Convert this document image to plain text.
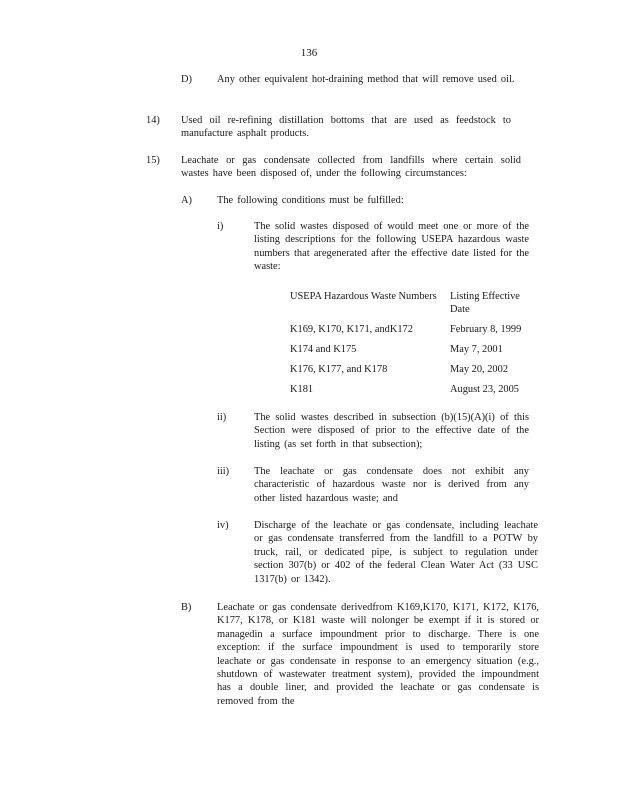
136
D) Any other equivalent hot-draining method that will remove used oil.
14) Used oil re-refining distillation bottoms that are used as feedstock to manufacture asphalt products.
15) Leachate or gas condensate collected from landfills where certain solid wastes have been disposed of, under the following circumstances:
A) The following conditions must be fulfilled:
i)	The solid wastes disposed of would meet one or more of the listing descriptions for the following USEPA hazardous waste numbers that aregenerated after the effective date listed for the waste:
USEPA Hazardous Waste Numbers	Listing Effective Date
K169, K170, K171, andK172	February 8, 1999
K174 and K175	May 7, 2001
K176, K177, and K178	May 20, 2002
K181	August 23, 2005
ii)	The solid wastes described in subsection (b)(15)(A)(i) of this Section were disposed of prior to the effective date of the listing (as set forth in that subsection);
iii) The leachate or gas condensate does not exhibit any characteristic of hazardous waste nor is derived from any other listed hazardous waste; and
iv) Discharge of the leachate or gas condensate, including leachate or gas condensate transferred from the landfill to a POTW by truck, rail, or dedicated pipe, is subject to regulation under section 307(b) or 402 of the federal Clean Water Act (33 USC 1317(b) or 1342).
B) Leachate or gas condensate derivedfrom K169,K170, K171, K172, K176, K177, K178, or K181 waste will nolonger be exempt if it is stored or managedin a surface impoundment prior to discharge. There is one exception: if the surface impoundment is used to temporarily store leachate or gas condensate in response to an emergency situation (e.g., shutdown of wastewater treatment system), provided the impoundment has a double liner, and provided the leachate or gas condensate is removed from the
